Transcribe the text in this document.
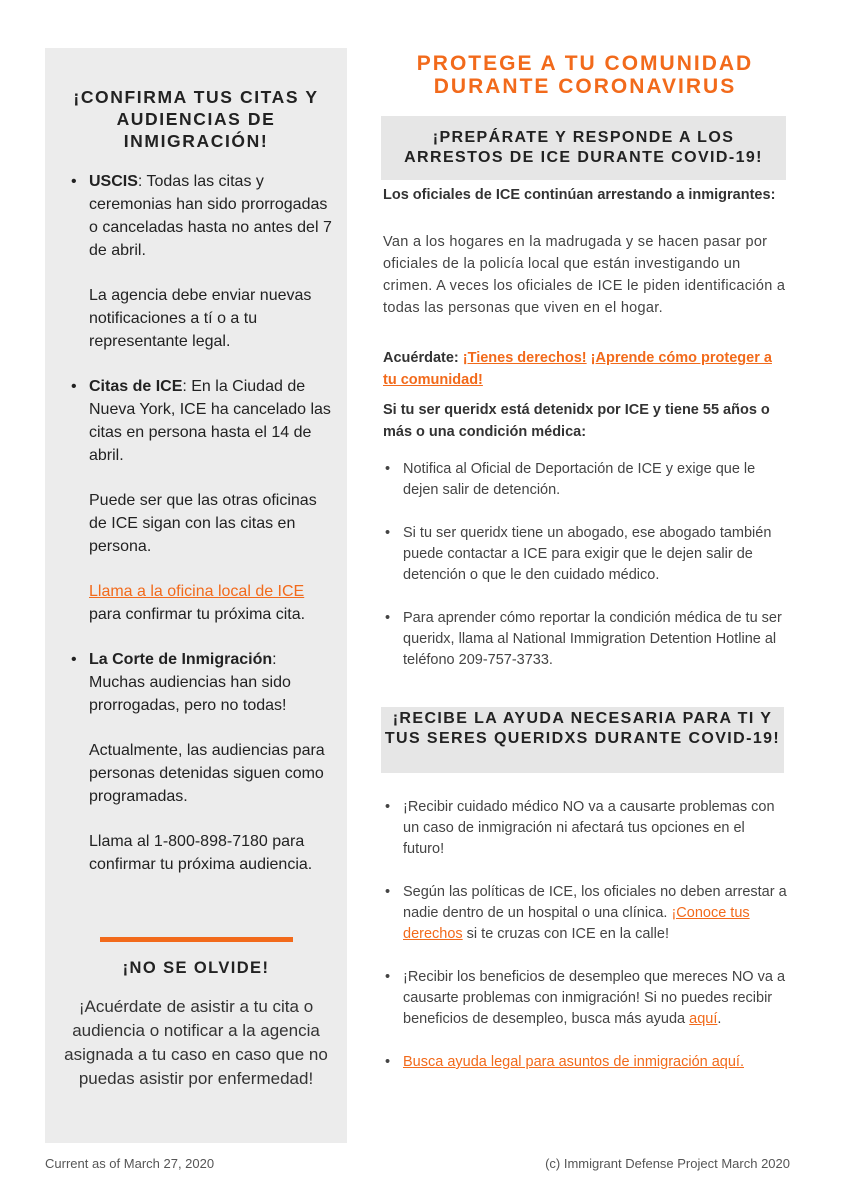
¡CONFIRMA TUS CITAS Y AUDIENCIAS DE INMIGRACIÓN!

• USCIS: Todas las citas y ceremonias han sido prorrogadas o canceladas hasta no antes del 7 de abril.

La agencia debe enviar nuevas notificaciones a tí o a tu representante legal.

• Citas de ICE: En la Ciudad de Nueva York, ICE ha cancelado las citas en persona hasta el 14 de abril.

Puede ser que las otras oficinas de ICE sigan con las citas en persona.

Llama a la oficina local de ICE para confirmar tu próxima cita.

• La Corte de Inmigración: Muchas audiencias han sido prorrogadas, pero no todas!

Actualmente, las audiencias para personas detenidas siguen como programadas.

Llama al 1-800-898-7180 para confirmar tu próxima audiencia.

¡NO SE OLVIDE!
¡Acuérdate de asistir a tu cita o audiencia o notificar a la agencia asignada a tu caso en caso que no puedas asistir por enfermedad!
PROTEGE A TU COMUNIDAD DURANTE CORONAVIRUS
¡PREPÁRATE Y RESPONDE A LOS ARRESTOS DE ICE DURANTE COVID-19!
Los oficiales de ICE continúan arrestando a inmigrantes:
Van a los hogares en la madrugada y se hacen pasar por oficiales de la policía local que están investigando un crimen. A veces los oficiales de ICE le piden identificación a todas las personas que viven en el hogar.
Acuérdate: ¡Tienes derechos! ¡Aprende cómo proteger a tu comunidad!
Si tu ser queridx está detenidx por ICE y tiene 55 años o más o una condición médica:
• Notifica al Oficial de Deportación de ICE y exige que le dejen salir de detención.
• Si tu ser queridx tiene un abogado, ese abogado también puede contactar a ICE para exigir que le dejen salir de detención o que le den cuidado médico.
• Para aprender cómo reportar la condición médica de tu ser queridx, llama al National Immigration Detention Hotline al teléfono 209-757-3733.
¡RECIBE LA AYUDA NECESARIA PARA TI Y TUS SERES QUERIDXS DURANTE COVID-19!
• ¡Recibir cuidado médico NO va a causarte problemas con un caso de inmigración ni afectará tus opciones en el futuro!
• Según las políticas de ICE, los oficiales no deben arrestar a nadie dentro de un hospital o una clínica. ¡Conoce tus derechos si te cruzas con ICE en la calle!
• ¡Recibir los beneficios de desempleo que mereces NO va a causarte problemas con inmigración! Si no puedes recibir beneficios de desempleo, busca más ayuda aquí.
• Busca ayuda legal para asuntos de inmigración aquí.
Current as of March 27, 2020	(c) Immigrant Defense Project March 2020
